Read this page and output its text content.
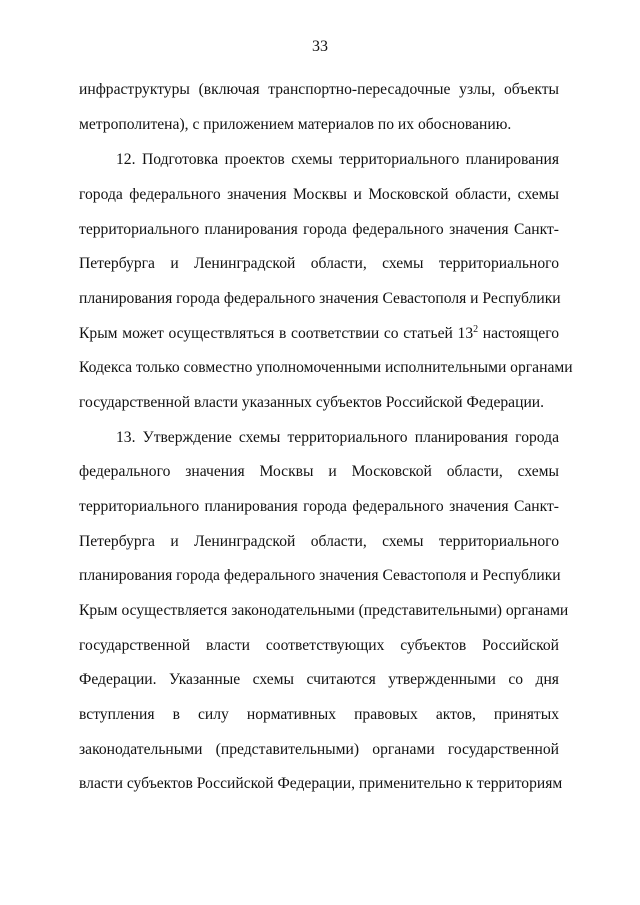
33
инфраструктуры (включая транспортно-пересадочные узлы, объекты
метрополитена), с приложением материалов по их обоснованию.
12. Подготовка проектов схемы территориального планирования
города федерального значения Москвы и Московской области, схемы
территориального планирования города федерального значения Санкт-
Петербурга и Ленинградской области, схемы территориального
планирования города федерального значения Севастополя и Республики
Крым может осуществляться в соответствии со статьей $13^2$ настоящего
Кодекса только совместно уполномоченными исполнительными органами
государственной власти указанных субъектов Российской Федерации.
13. Утверждение схемы территориального планирования города
федерального значения Москвы и Московской области, схемы
территориального планирования города федерального значения Санкт-
Петербурга и Ленинградской области, схемы территориального
планирования города федерального значения Севастополя и Республики
Крым осуществляется законодательными (представительными) органами
государственной власти соответствующих субъектов Российской
Федерации. Указанные схемы считаются утвержденными со дня
вступления в силу нормативных правовых актов, принятых
законодательными (представительными) органами государственной
власти субъектов Российской Федерации, применительно к территориям
